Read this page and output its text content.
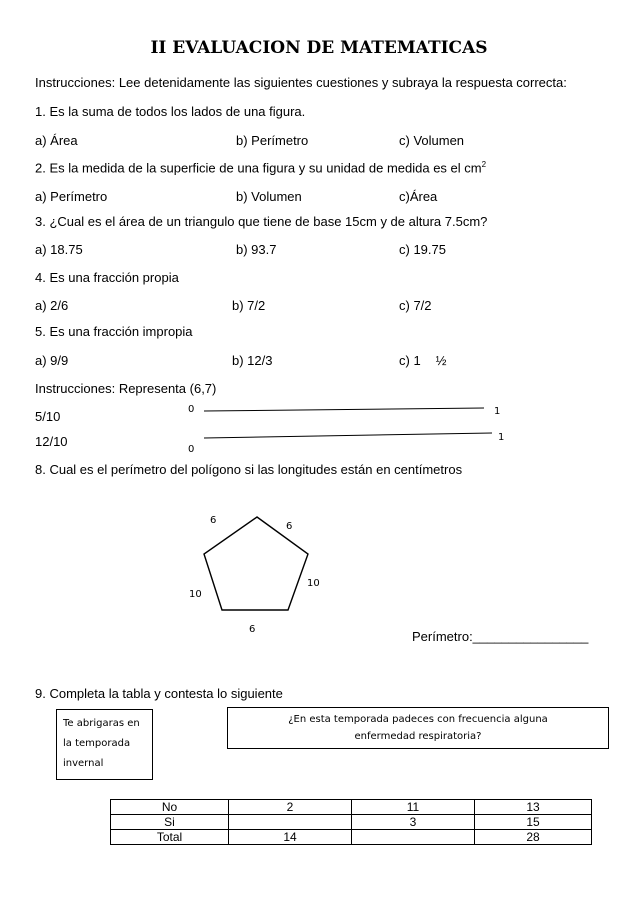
II EVALUACION DE MATEMATICAS
Instrucciones: Lee detenidamente las siguientes cuestiones y subraya la respuesta correcta:
1. Es la suma de todos los lados de una figura.
a) Área	b) Perímetro	c) Volumen
2. Es la medida de la superficie de una figura y su unidad de medida es el $cm^2$
a) Perímetro	b) Volumen	c)Área
3. ¿Cual es el área de un triangulo que tiene de base 15cm y de altura 7.5cm?
a) 18.75	b) 93.7	c) 19.75
4. Es una fracción propia
a) 2/6	b) 7/2	c) 7/2
5. Es una fracción impropia
a) 9/9	b) 12/3	c) 1 ½
Instrucciones: Representa (6,7)
5/10
12/10
0	1
0
1
8. Cual es el perímetro del polígono si las longitudes están en centímetros
6
6
10
6
10
Perímetro:________________
9. Completa la tabla y contesta lo siguiente
Te abrigaras en
la temporada
invernal
¿En esta temporada padeces con frecuencia alguna enfermedad respiratoria?
No	2	11	13
Si		3	15
Total	14		28
